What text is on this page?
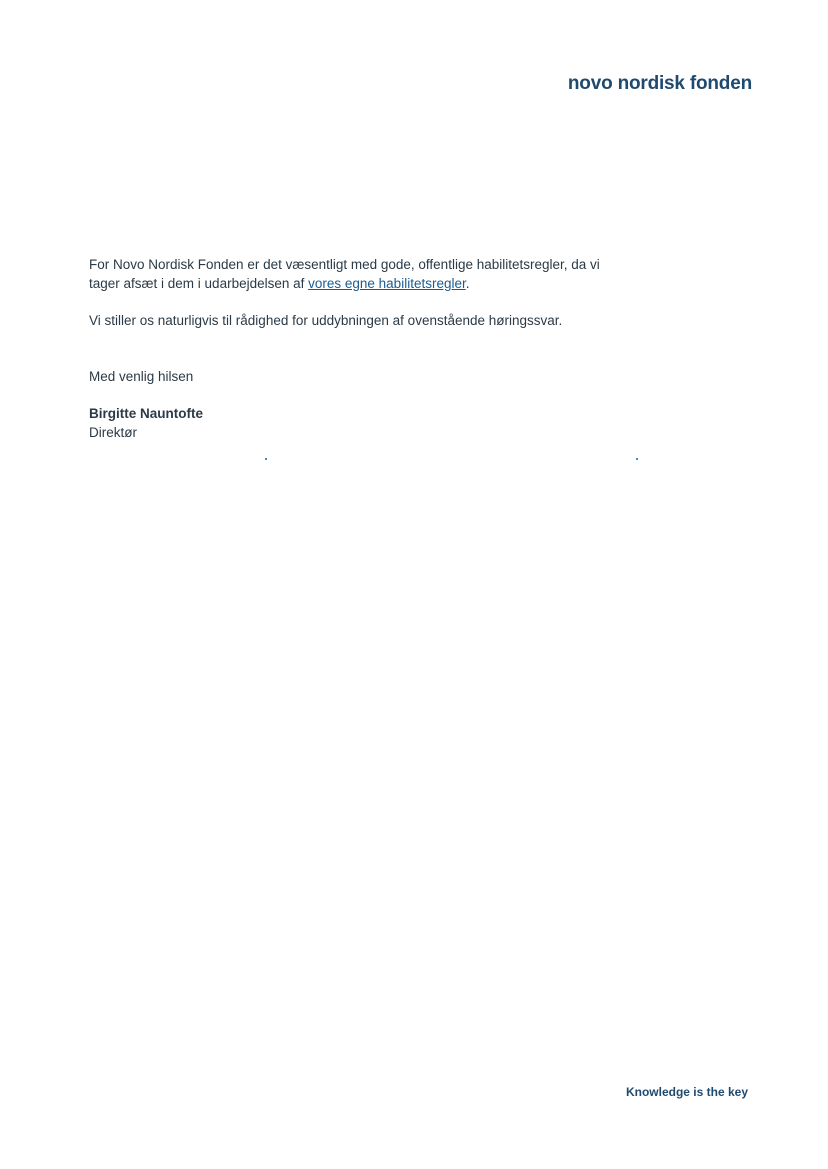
novo nordisk fonden

For Novo Nordisk Fonden er det væsentligt med gode, offentlige habilitetsregler, da vi tager afsæt i dem i udarbejdelsen af vores egne habilitetsregler.

Vi stiller os naturligvis til rådighed for uddybningen af ovenstående høringssvar.

Med venlig hilsen
Birgitte Nauntofte
Direktør
Knowledge is the key
